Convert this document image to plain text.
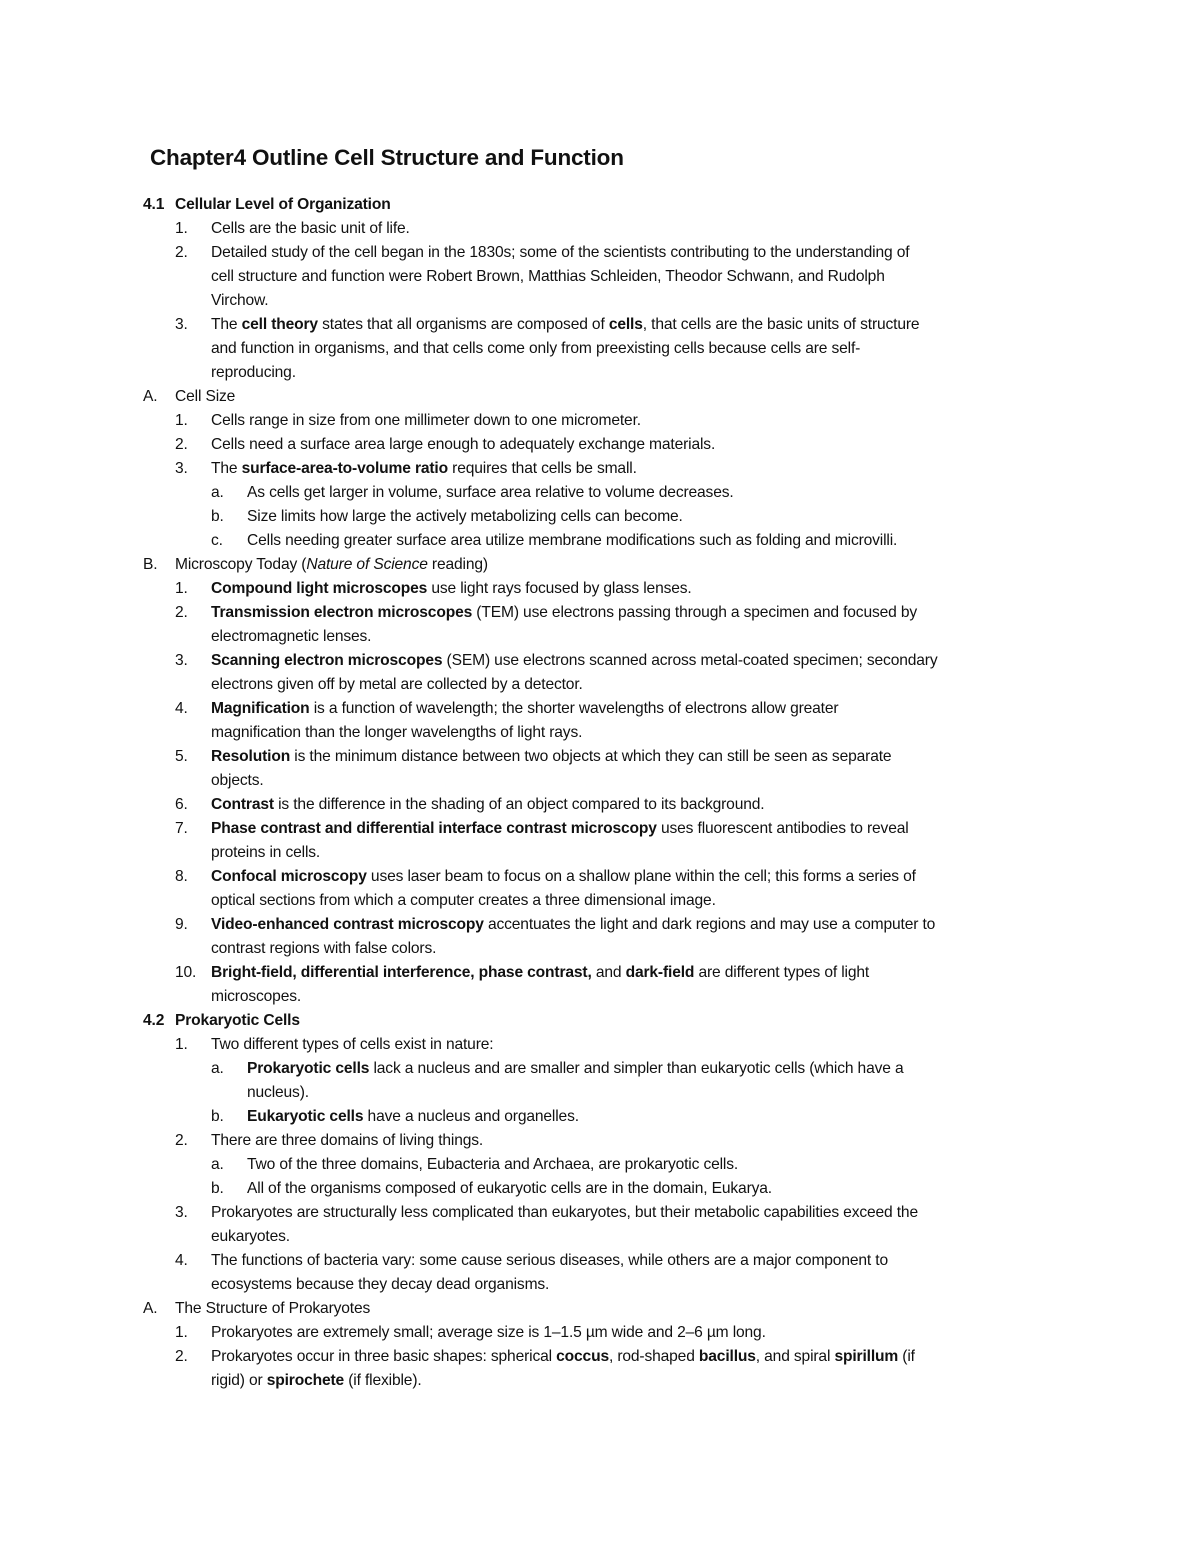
Chapter4 Outline Cell Structure and Function
4.1 Cellular Level of Organization
1. Cells are the basic unit of life.
2. Detailed study of the cell began in the 1830s; some of the scientists contributing to the understanding of
cell structure and function were Robert Brown, Matthias Schleiden, Theodor Schwann, and Rudolph
Virchow.
3. The cell theory states that all organisms are composed of cells, that cells are the basic units of structure
and function in organisms, and that cells come only from preexisting cells because cells are self-
reproducing.
A. Cell Size
1. Cells range in size from one millimeter down to one micrometer.
2. Cells need a surface area large enough to adequately exchange materials.
3. The surface-area-to-volume ratio requires that cells be small.
a. As cells get larger in volume, surface area relative to volume decreases.
b. Size limits how large the actively metabolizing cells can become.
c. Cells needing greater surface area utilize membrane modifications such as folding and microvilli.
B. Microscopy Today (Nature of Science reading)
1. Compound light microscopes use light rays focused by glass lenses.
2. Transmission electron microscopes (TEM) use electrons passing through a specimen and focused by
electromagnetic lenses.
3. Scanning electron microscopes (SEM) use electrons scanned across metal-coated specimen; secondary
electrons given off by metal are collected by a detector.
4. Magnification is a function of wavelength; the shorter wavelengths of electrons allow greater
magnification than the longer wavelengths of light rays.
5. Resolution is the minimum distance between two objects at which they can still be seen as separate
objects.
6. Contrast is the difference in the shading of an object compared to its background.
7. Phase contrast and differential interface contrast microscopy uses fluorescent antibodies to reveal
proteins in cells.
8. Confocal microscopy uses laser beam to focus on a shallow plane within the cell; this forms a series of
optical sections from which a computer creates a three dimensional image.
9. Video-enhanced contrast microscopy accentuates the light and dark regions and may use a computer to
contrast regions with false colors.
10. Bright-field, differential interference, phase contrast, and dark-field are different types of light
microscopes.
4.2 Prokaryotic Cells
1. Two different types of cells exist in nature:
a. Prokaryotic cells lack a nucleus and are smaller and simpler than eukaryotic cells (which have a
nucleus).
b. Eukaryotic cells have a nucleus and organelles.
2. There are three domains of living things.
a. Two of the three domains, Eubacteria and Archaea, are prokaryotic cells.
b. All of the organisms composed of eukaryotic cells are in the domain, Eukarya.
3. Prokaryotes are structurally less complicated than eukaryotes, but their metabolic capabilities exceed the
eukaryotes.
4. The functions of bacteria vary: some cause serious diseases, while others are a major component to
ecosystems because they decay dead organisms.
A. The Structure of Prokaryotes
1. Prokaryotes are extremely small; average size is 1–1.5 µm wide and 2–6 µm long.
2. Prokaryotes occur in three basic shapes: spherical coccus, rod-shaped bacillus, and spiral spirillum (if
rigid) or spirochete (if flexible).
